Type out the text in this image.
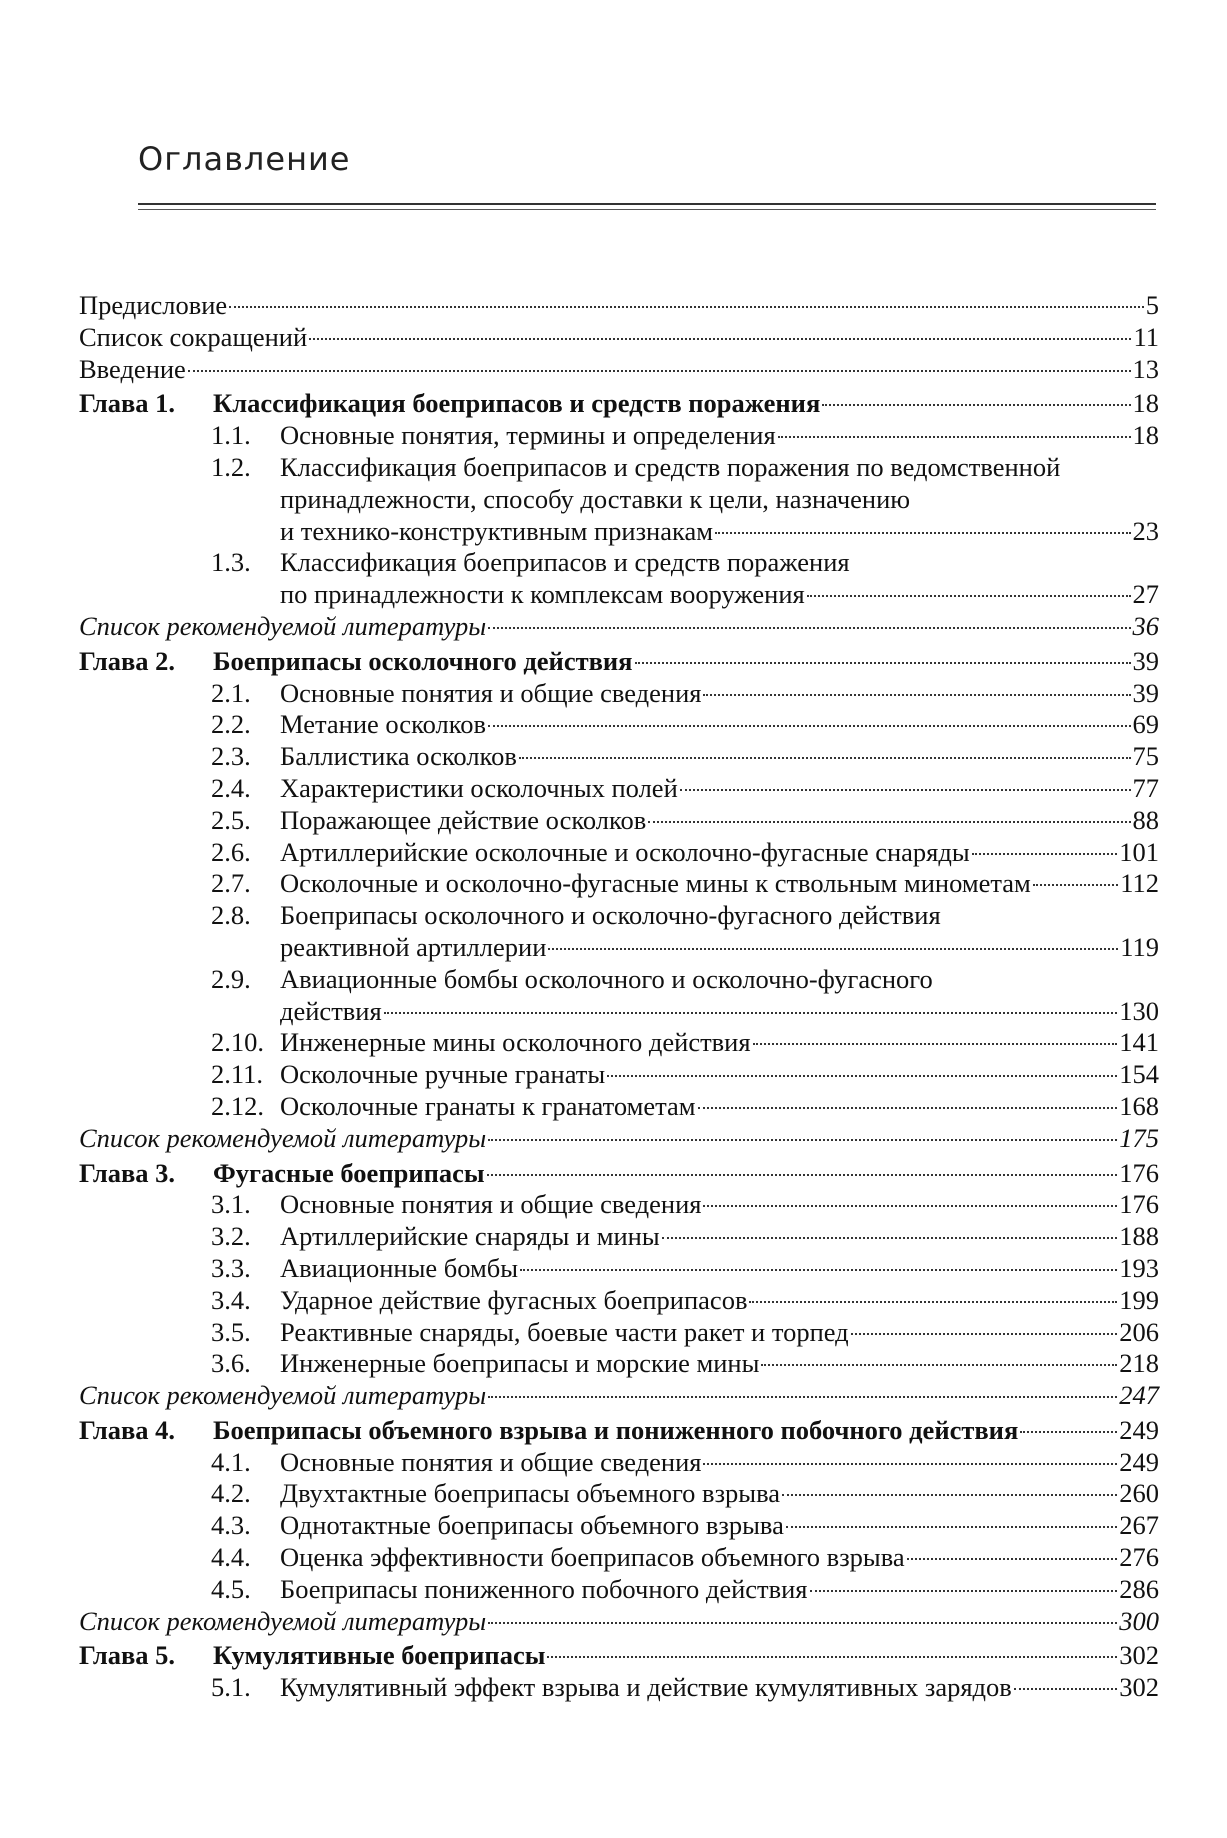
Оглавление
Предисловие	5
Список сокращений	11
Введение	13
Глава 1.	Классификация боеприпасов и средств поражения	18
1.1.	Основные понятия, термины и определения	18
1.2.	Классификация боеприпасов и средств поражения по ведомственной
принадлежности, способу доставки к цели, назначению
и технико-конструктивным признакам	23
1.3.	Классификация боеприпасов и средств поражения
по принадлежности к комплексам вооружения	27
Список рекомендуемой литературы	36
Глава 2.	Боеприпасы осколочного действия	39
2.1.	Основные понятия и общие сведения	39
2.2.	Метание осколков	69
2.3.	Баллистика осколков	75
2.4.	Характеристики осколочных полей	77
2.5.	Поражающее действие осколков	88
2.6.	Артиллерийские осколочные и осколочно-фугасные снаряды	101
2.7.	Осколочные и осколочно-фугасные мины к ствольным минометам	112
2.8.	Боеприпасы осколочного и осколочно-фугасного действия
реактивной артиллерии	119
2.9.	Авиационные бомбы осколочного и осколочно-фугасного
действия	130
2.10. Инженерные мины осколочного действия	141
2.11. Осколочные ручные гранаты	154
2.12. Осколочные гранаты к гранатометам	168
Список рекомендуемой литературы	175
Глава 3.	Фугасные боеприпасы	176
3.1.	Основные понятия и общие сведения	176
3.2.	Артиллерийские снаряды и мины	188
3.3.	Авиационные бомбы	193
3.4.	Ударное действие фугасных боеприпасов	199
3.5.	Реактивные снаряды, боевые части ракет и торпед	206
3.6.	Инженерные боеприпасы и морские мины	218
Список рекомендуемой литературы	247
Глава 4.	Боеприпасы объемного взрыва и пониженного побочного действия	249
4.1.	Основные понятия и общие сведения	249
4.2.	Двухтактные боеприпасы объемного взрыва	260
4.3.	Однотактные боеприпасы объемного взрыва	267
4.4.	Оценка эффективности боеприпасов объемного взрыва	276
4.5.	Боеприпасы пониженного побочного действия	286
Список рекомендуемой литературы	300
Глава 5.	Кумулятивные боеприпасы	302
5.1.	Кумулятивный эффект взрыва и действие кумулятивных зарядов	302
